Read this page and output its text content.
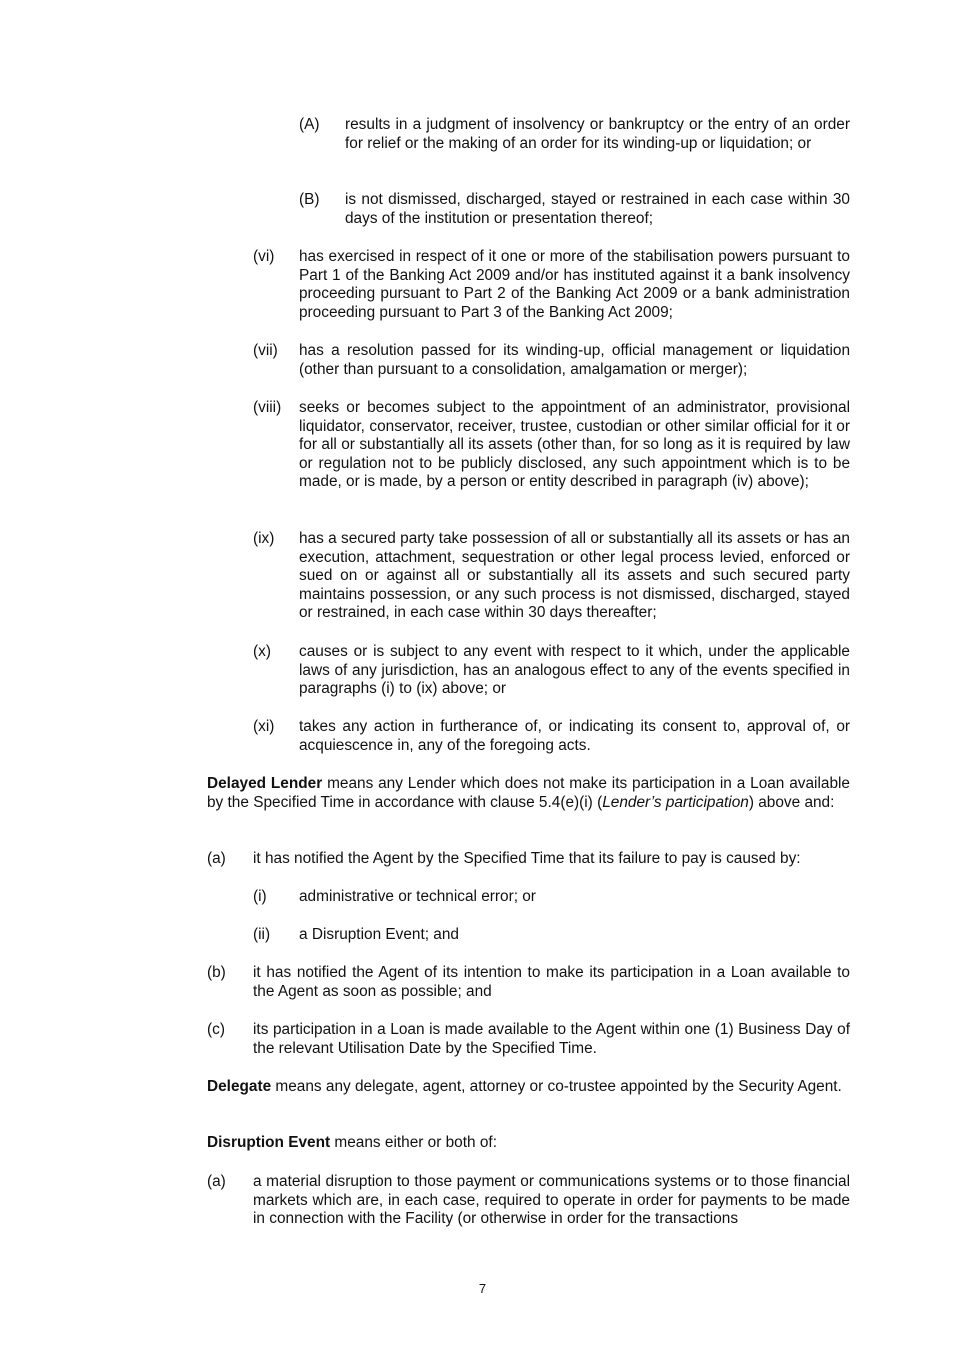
(A)	results in a judgment of insolvency or bankruptcy or the entry of an order for relief or the making of an order for its winding-up or liquidation; or
(B)	is not dismissed, discharged, stayed or restrained in each case within 30 days of the institution or presentation thereof;
(vi)	has exercised in respect of it one or more of the stabilisation powers pursuant to Part 1 of the Banking Act 2009 and/or has instituted against it a bank insolvency proceeding pursuant to Part 2 of the Banking Act 2009 or a bank administration proceeding pursuant to Part 3 of the Banking Act 2009;
(vii)	has a resolution passed for its winding-up, official management or liquidation (other than pursuant to a consolidation, amalgamation or merger);
(viii)	seeks or becomes subject to the appointment of an administrator, provisional liquidator, conservator, receiver, trustee, custodian or other similar official for it or for all or substantially all its assets (other than, for so long as it is required by law or regulation not to be publicly disclosed, any such appointment which is to be made, or is made, by a person or entity described in paragraph (iv) above);
(ix)	has a secured party take possession of all or substantially all its assets or has an execution, attachment, sequestration or other legal process levied, enforced or sued on or against all or substantially all its assets and such secured party maintains possession, or any such process is not dismissed, discharged, stayed or restrained, in each case within 30 days thereafter;
(x)	causes or is subject to any event with respect to it which, under the applicable laws of any jurisdiction, has an analogous effect to any of the events specified in paragraphs (i) to (ix) above; or
(xi)	takes any action in furtherance of, or indicating its consent to, approval of, or acquiescence in, any of the foregoing acts.
Delayed Lender means any Lender which does not make its participation in a Loan available by the Specified Time in accordance with clause 5.4(e)(i) (Lender’s participation) above and:
(a)	it has notified the Agent by the Specified Time that its failure to pay is caused by:
(i)	administrative or technical error; or
(ii)	a Disruption Event; and
(b)	it has notified the Agent of its intention to make its participation in a Loan available to the Agent as soon as possible; and
(c)	its participation in a Loan is made available to the Agent within one (1) Business Day of the relevant Utilisation Date by the Specified Time.
Delegate means any delegate, agent, attorney or co-trustee appointed by the Security Agent.
Disruption Event means either or both of:
(a)	a material disruption to those payment or communications systems or to those financial markets which are, in each case, required to operate in order for payments to be made in connection with the Facility (or otherwise in order for the transactions
7
